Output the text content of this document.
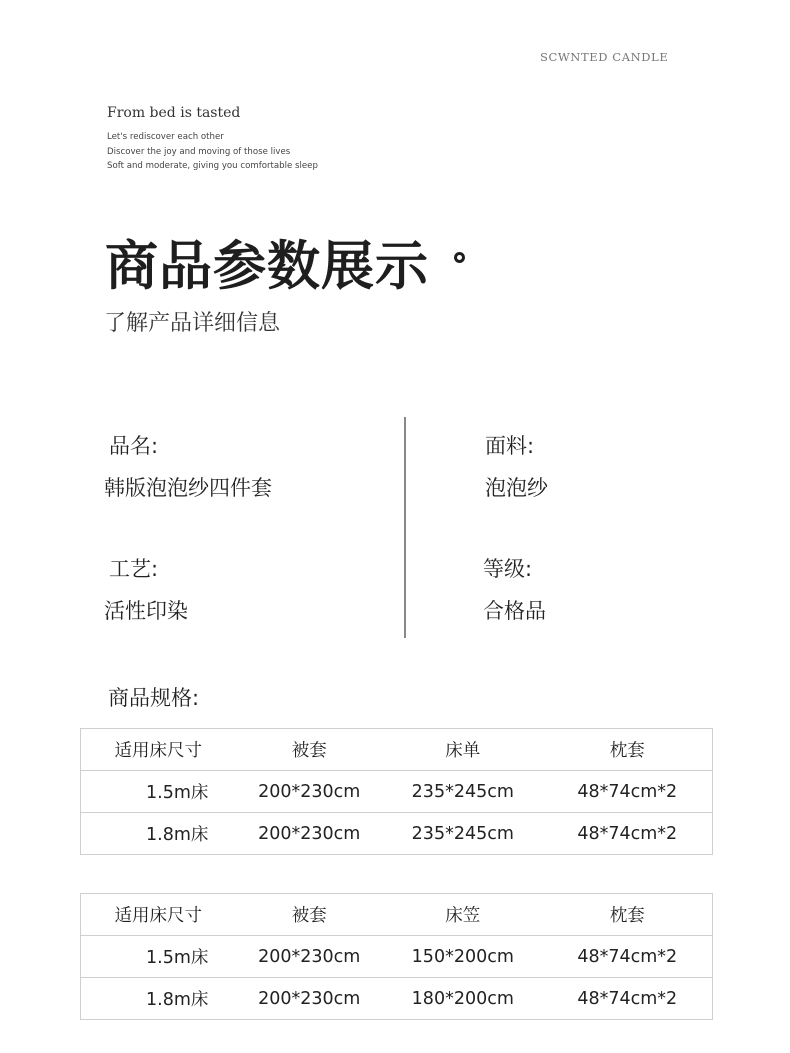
SCWNTED CANDLE
From bed is tasted
Let's rediscover each other
Discover the joy and moving of those lives
Soft and moderate, giving you comfortable sleep
商品参数展示
了解产品详细信息
品名:
韩版泡泡纱四件套
面料:
泡泡纱
工艺:
活性印染
等级:
合格品
商品规格:
适用床尺寸	被套	床单	枕套
1.5m床	200*230cm	235*245cm	48*74cm*2
1.8m床	200*230cm	235*245cm	48*74cm*2
适用床尺寸	被套	床笠	枕套
1.5m床	200*230cm	150*200cm	48*74cm*2
1.8m床	200*230cm	180*200cm	48*74cm*2
